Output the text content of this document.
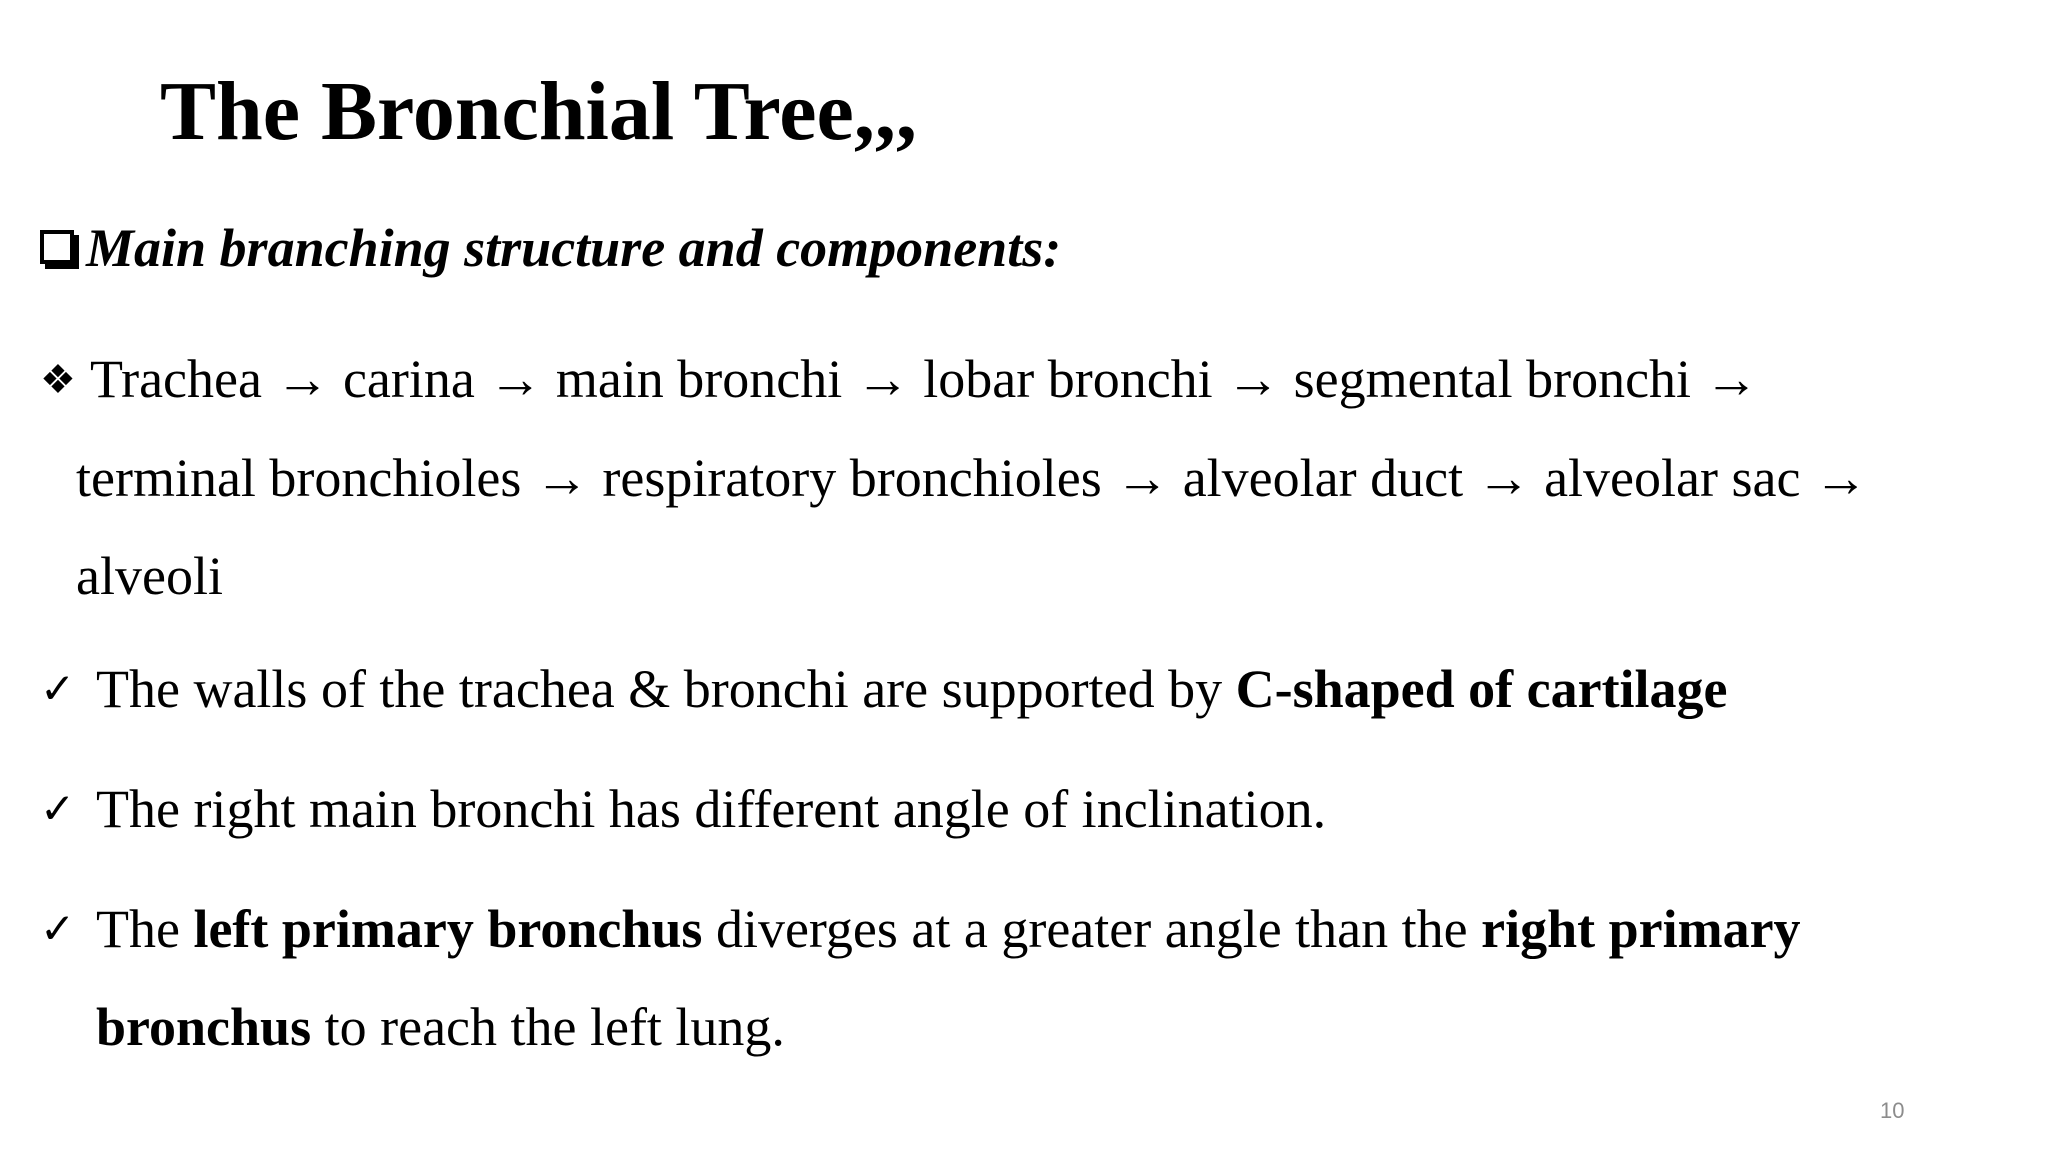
The Bronchial Tree,,,
Main branching structure and components:
❖ Trachea → carina → main bronchi → lobar bronchi → segmental bronchi →
terminal bronchioles → respiratory bronchioles → alveolar duct → alveolar sac →
alveoli
✓ The walls of the trachea & bronchi are supported by C-shaped of cartilage
✓ The right main bronchi has different angle of inclination.
✓ The left primary bronchus diverges at a greater angle than the right primary
bronchus to reach the left lung.
10
